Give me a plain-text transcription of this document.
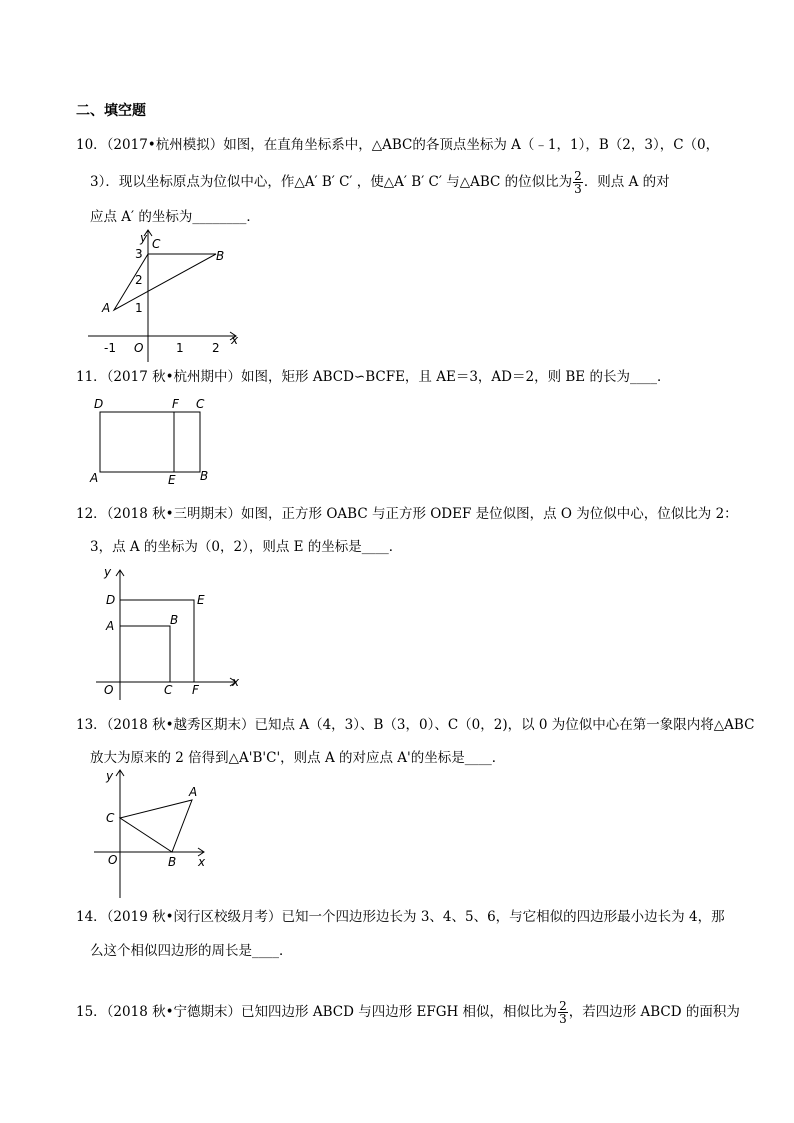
二、填空题
10．（2017•杭州模拟）如图，在直角坐标系中，△ABC的各顶点坐标为 A（﹣1，1），B（2，3），C（0，
3）．现以坐标原点为位似中心，作△A′ B′ C′ ，使△A′ B′ C′ 与△ABC 的位似比为 $\frac{2}{3}$ ．则点 A 的对
应点 A′ 的坐标为________．
x
y C
B
A
3
2
1
-1 O	1 2
11．（2017 秋•杭州期中）如图，矩形 ABCD∽BCFE，且 AE＝3，AD＝2，则 BE 的长为____．
D	F C
A	E B
12．（2018 秋•三明期末）如图，正方形 OABC 与正方形 ODEF 是位似图，点 O 为位似中心，位似比为 2：
3，点 A 的坐标为（0，2），则点 E 的坐标是____．
y
D	E
A	B
O	C F
x
13．（2018 秋•越秀区期末）已知点 A（4，3）、B（3，0）、C（0，2)，以 0 为位似中心在第一象限内将△ABC
放大为原来的 2 倍得到△A'B'C'，则点 A 的对应点 A'的坐标是____．
y
A
C
O	B x
14．（2019 秋•闵行区校级月考）已知一个四边形边长为 3、4、5、6，与它相似的四边形最小边长为 4，那
么这个相似四边形的周长是____．
15．（2018 秋•宁德期末）已知四边形 ABCD 与四边形 EFGH 相似，相似比为 $\frac{2}{3}$ ，若四边形 ABCD 的面积为
